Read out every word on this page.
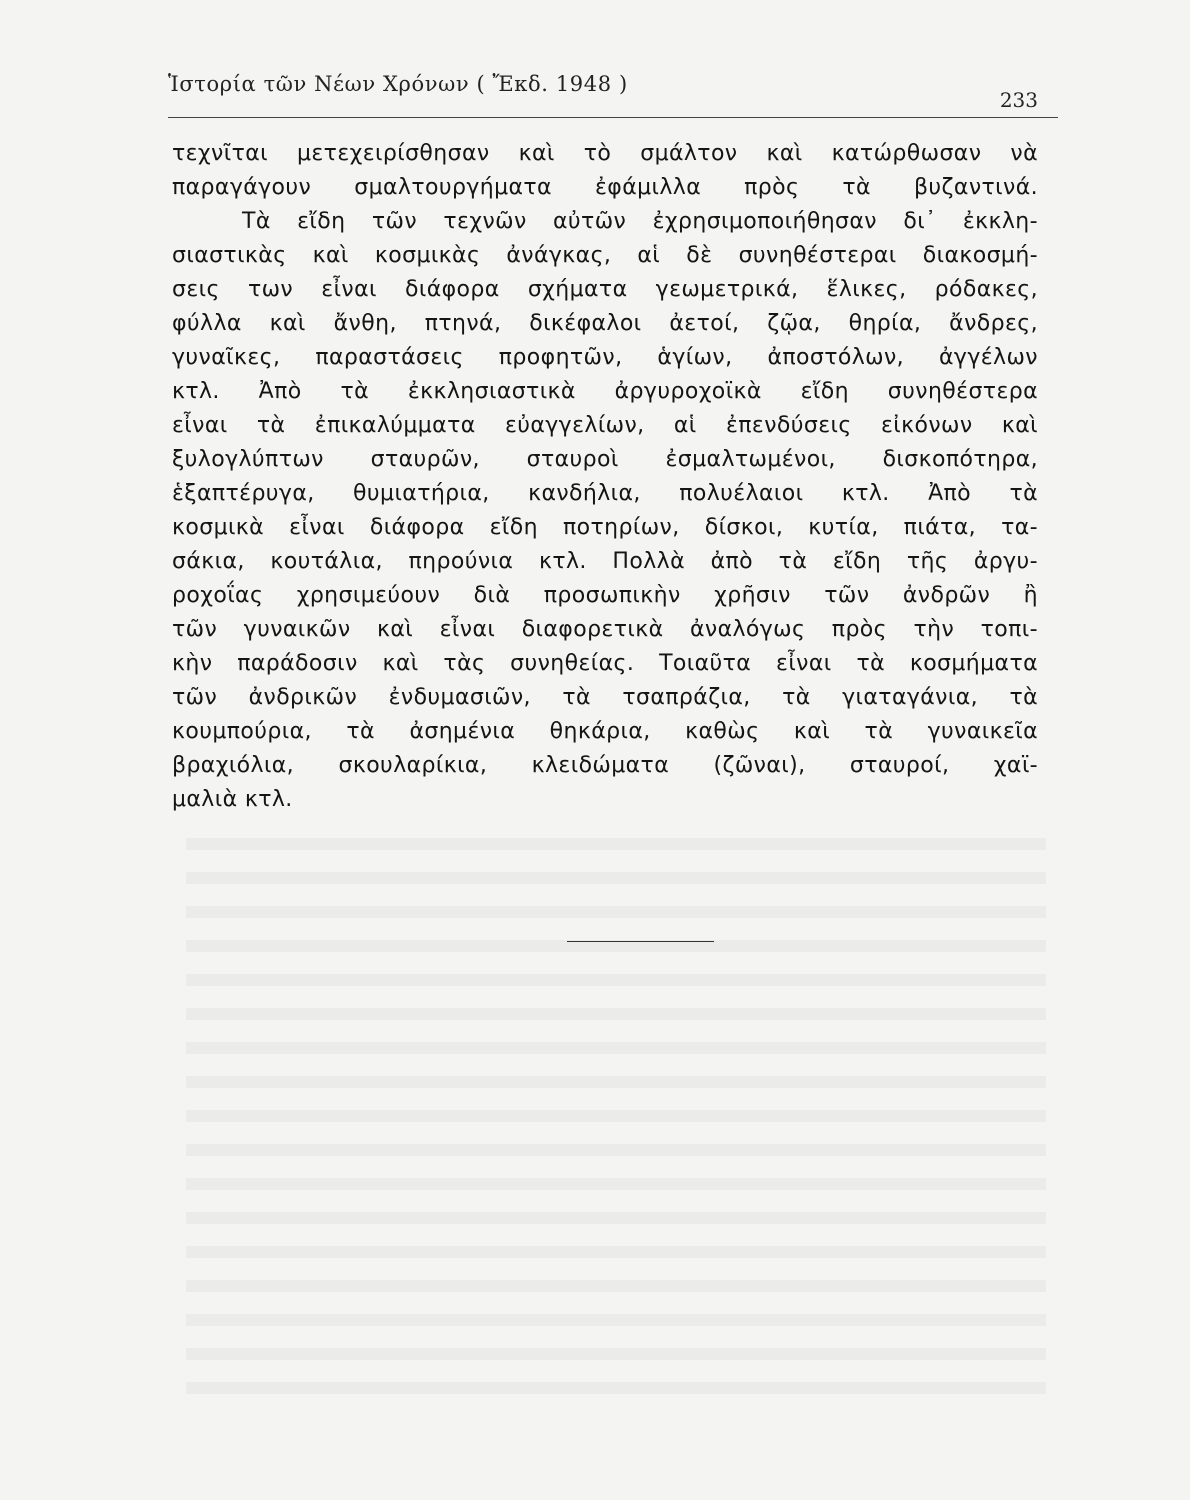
Ἱστορία τῶν Νέων Χρόνων ( Ἔκδ. 1948 )
233
τεχνῖται μετεχειρίσθησαν καὶ τὸ σμάλτον καὶ κατώρθωσαν νὰ
παραγάγουν σμαλτουργήματα ἐφάμιλλα πρὸς τὰ βυζαντινά.
Τὰ εἴδη τῶν τεχνῶν αὐτῶν ἐχρησιμοποιήθησαν δι᾽ ἐκκλη-
σιαστικὰς καὶ κοσμικὰς ἀνάγκας, αἱ δὲ συνηθέστεραι διακοσμή-
σεις των εἶναι διάφορα σχήματα γεωμετρικά, ἕλικες, ρόδακες,
φύλλα καὶ ἄνθη, πτηνά, δικέφαλοι ἀετοί, ζῷα, θηρία, ἄνδρες,
γυναῖκες, παραστάσεις προφητῶν, ἁγίων, ἀποστόλων, ἀγγέλων
κτλ. Ἀπὸ τὰ ἐκκλησιαστικὰ ἀργυροχοϊκὰ εἴδη συνηθέστερα
εἶναι τὰ ἐπικαλύμματα εὐαγγελίων, αἱ ἐπενδύσεις εἰκόνων καὶ
ξυλογλύπτων σταυρῶν, σταυροὶ ἐσμαλτωμένοι, δισκοπότηρα,
ἑξαπτέρυγα, θυμιατήρια, κανδήλια, πολυέλαιοι κτλ. Ἀπὸ τὰ
κοσμικὰ εἶναι διάφορα εἴδη ποτηρίων, δίσκοι, κυτία, πιάτα, τα-
σάκια, κουτάλια, πηρούνια κτλ. Πολλὰ ἀπὸ τὰ εἴδη τῆς ἀργυ-
ροχοΐας χρησιμεύουν διὰ προσωπικὴν χρῆσιν τῶν ἀνδρῶν ἢ
τῶν γυναικῶν καὶ εἶναι διαφορετικὰ ἀναλόγως πρὸς τὴν τοπι-
κὴν παράδοσιν καὶ τὰς συνηθείας. Τοιαῦτα εἶναι τὰ κοσμήματα
τῶν ἀνδρικῶν ἐνδυμασιῶν, τὰ τσαπράζια, τὰ γιαταγάνια, τὰ
κουμπούρια, τὰ ἀσημένια θηκάρια, καθὼς καὶ τὰ γυναικεῖα
βραχιόλια, σκουλαρίκια, κλειδώματα (ζῶναι), σταυροί, χαϊ-
μαλιὰ κτλ.
